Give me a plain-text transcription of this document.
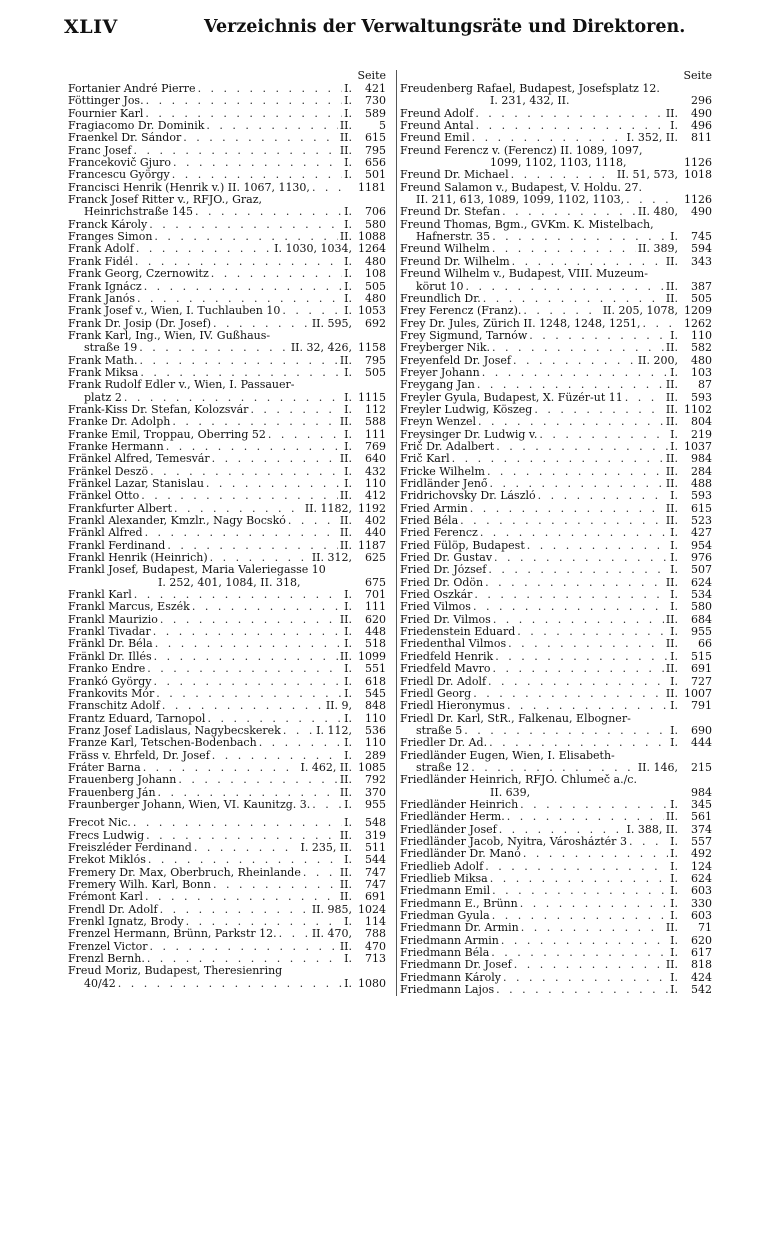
XLIV	Verzeichnis der Verwaltungsräte und Direktoren.
Seite
Fortanier André Pierre . . .	I.	421
Föttinger Jos. . . .	I.	730
Fournier Karl . . .	I.	589
Fragiacomo Dr. Dominik . . .	II.	5
Fraenkel Dr. Sándor . . .	II.	615
Franc Josef . . .	II.	795
Francekovič Gjuro . . .	I.	656
Francescu György . . .	I.	501
Francisci Henrik (Henrik v.) II. 1067, 1130, . . .	1181
Franck Josef Ritter v., RFJO., Graz,
Heinrichstraße 145 . . .	I.	706
Franck Károly . . .	I.	580
Franges Simon . . .	II. 1088
Frank Adolf . . .	I. 1030, 1034, 1264
Frank Fidél . . .	I.	480
Frank Georg, Czernowitz . . .	I.	108
Frank Ignácz . . .	I.	505
Frank Janós . . .	I.	480
Frank Josef v., Wien, I. Tuchlauben 10 . . .	I. 1053
Frank Dr. Josip (Dr. Josef) . . .	II. 595,	692
Frank Karl, Ing., Wien, IV. Gußhaus-
straße 19 . . .	II. 32, 426, 1158
Frank Math. . . .	II.	795
Frank Miksa . . .	I.	505
Frank Rudolf Edler v., Wien, I. Passauer-
platz 2 . . .	I. 1115
Frank-Kiss Dr. Stefan, Kolozsvár . . .	I.	112
Franke Dr. Adolph . . .	II.	588
Franke Emil, Troppau, Oberring 52 . . .	I.	111
Franke Hermann . . .	I.	769
Fränkel Alfred, Temesvár . . .	II.	640
Fränkel Deszö . . .	I.	432
Fränkel Lazar, Stanislau . . .	I.	110
Fränkel Otto . . .	II.	412
Frankfurter Albert . . .	II. 1182, 1192
Frankl Alexander, Kmzlr., Nagy Bocskó . . .	II.	402
Fränkl Alfred . . .	II.	440
Frankl Ferdinand . . .	II. 1187
Frankl Henrik (Heinrich) . . .	II. 312,	625
Frankl Josef, Budapest, Maria Valeriegasse 10
I. 252, 401, 1084, II. 318,	675
Frankl Karl . . .	I.	701
Frankl Marcus, Eszék . . .	I.	111
Frankl Maurizio . . .	II.	620
Frankl Tivadar . . .	I.	448
Fränkl Dr. Béla . . .	I.	518
Fränkl Dr. Illés . . .	II. 1099
Franko Endre . . .	I.	551
Frankó György . . .	I.	618
Frankovits Mór . . .	I.	545
Franschitz Adolf . . .	II. 9,	848
Frantz Eduard, Tarnopol . . .	I.	110
Franz Josef Ladislaus, Nagybecskerek . . .	I. 112,	536
Franze Karl, Tetschen-Bodenbach . . .	I.	110
Fräss v. Ehrfeld, Dr. Josef . . .	I.	289
Fráter Barna . . .	I. 462, II. 1085
Frauenberg Johann . . .	II.	792
Frauenberg Ján . . .	II.	370
Fraunberger Johann, Wien, VI. Kaunitzg. 3. . . .	I.	955
Frecot Nic. . . .	I.	548
Frecs Ludwig . . .	II.	319
Freiszléder Ferdinand . . .	I. 235, II.	511
Frekot Miklós . . .	I.	544
Fremery Dr. Max, Oberbruch, Rheinlande . . .	II.	747
Fremery Wilh. Karl, Bonn . . .	II.	747
Frémont Karl . . .	II.	691
Frendl Dr. Adolf . . .	II. 985, 1024
Frenkl Ignatz, Brody . . .	I.	114
Frenzel Hermann, Brünn, Parkstr 12. . . .	II. 470,	788
Frenzel Victor . . .	II.	470
Frenzl Bernh. . . .	I.	713
Freud Moriz, Budapest, Theresienring
40/42 . . .	I. 1080
Seite
Freudenberg Rafael, Budapest, Josefsplatz 12.
I. 231, 432, II.	296
Freund Adolf . . .	II.	490
Freund Antal . . .	I.	496
Freund Emil . . .	I. 352, II.	811
Freund Ferencz v. (Ferencz) II. 1089, 1097,
1099, 1102, 1103, 1118,	1126
Freund Dr. Michael . . .	II. 51, 573, 1018
Freund Salamon v., Budapest, V. Holdu. 27.
II. 211, 613, 1089, 1099, 1102, 1103, . . .	1126
Freund Dr. Stefan . . .	II. 480,	490
Freund Thomas, Bgm., GVKm. K. Mistelbach,
Hafnerstr. 35 . . .	I.	745
Freund Wilhelm . . .	II. 389,	594
Freund Dr. Wilhelm . . .	II.	343
Freund Wilhelm v., Budapest, VIII. Muzeum-
körut 10 . . .	II.	387
Freundlich Dr. . . .	II.	505
Frey Ferencz (Franz). . . .	II. 205, 1078, 1209
Frey Dr. Jules, Zürich II. 1248, 1248, 1251, . . .	1262
Frey Sigmund, Tarnów . . .	I.	110
Freyberger Nik. . . .	II.	582
Freyenfeld Dr. Josef . . .	II. 200,	480
Freyer Johann . . .	I.	103
Freygang Jan . . .	II.	87
Freyler Gyula, Budapest, X. Füzér-ut 11 . . .	II.	593
Freyler Ludwig, Köszeg . . .	II. 1102
Freyn Wenzel . . .	II.	804
Freysinger Dr. Ludwig v. . . .	I.	219
Frič Dr. Adalbert . . .	I. 1037
Frič Karl . . .	II.	984
Fricke Wilhelm . . .	II.	284
Fridländer Jenő . . .	II.	488
Fridrichovsky Dr. László . . .	I.	593
Fried Armin . . .	II.	615
Fried Béla . . .	II.	523
Fried Ferencz . . .	I.	427
Fried Fülöp, Budapest . . .	I.	954
Fried Dr. Gustav . . .	I.	976
Fried Dr. József . . .	I.	507
Fried Dr. Ödön . . .	II.	624
Fried Oszkár . . .	I.	534
Fried Vilmos . . .	I.	580
Fried Dr. Vilmos . . .	II.	684
Friedenstein Eduard . . .	I.	955
Friedenthal Vilmos . . .	II.	66
Friedfeld Henrik . . .	I.	515
Friedfeld Mavro . . .	II.	691
Friedl Dr. Adolf . . .	I.	727
Friedl Georg . . .	II. 1007
Friedl Hieronymus . . .	I.	791
Friedl Dr. Karl, StR., Falkenau, Elbogner-
straße 5 . . .	I.	690
Friedler Dr. Ad. . . .	I.	444
Friedländer Eugen, Wien, I. Elisabeth-
straße 12 . . .	II. 146,	215
Friedländer Heinrich, RFJO. Chlumeč a./c.
II. 639,	984
Friedländer Heinrich . . .	I.	345
Friedländer Herm. . . .	II.	561
Friedländer Josef . . .	I. 388, II.	374
Friedländer Jacob, Nyitra, Városháztér 3 . . .	I.	557
Friedländer Dr. Manó . . .	I.	492
Friedlieb Adolf . . .	I.	124
Friedlieb Miksa . . .	I.	624
Friedmann Emil . . .	I.	603
Friedmann E., Brünn . . .	I.	330
Friedman Gyula . . .	I.	603
Friedmann Dr. Armin . . .	II.	71
Friedmann Armin . . .	I.	620
Friedmann Béla . . .	I.	617
Friedmann Dr. Josef . . .	II.	818
Friedmann Károly . . .	I.	424
Friedmann Lajos . . .	I.	542
